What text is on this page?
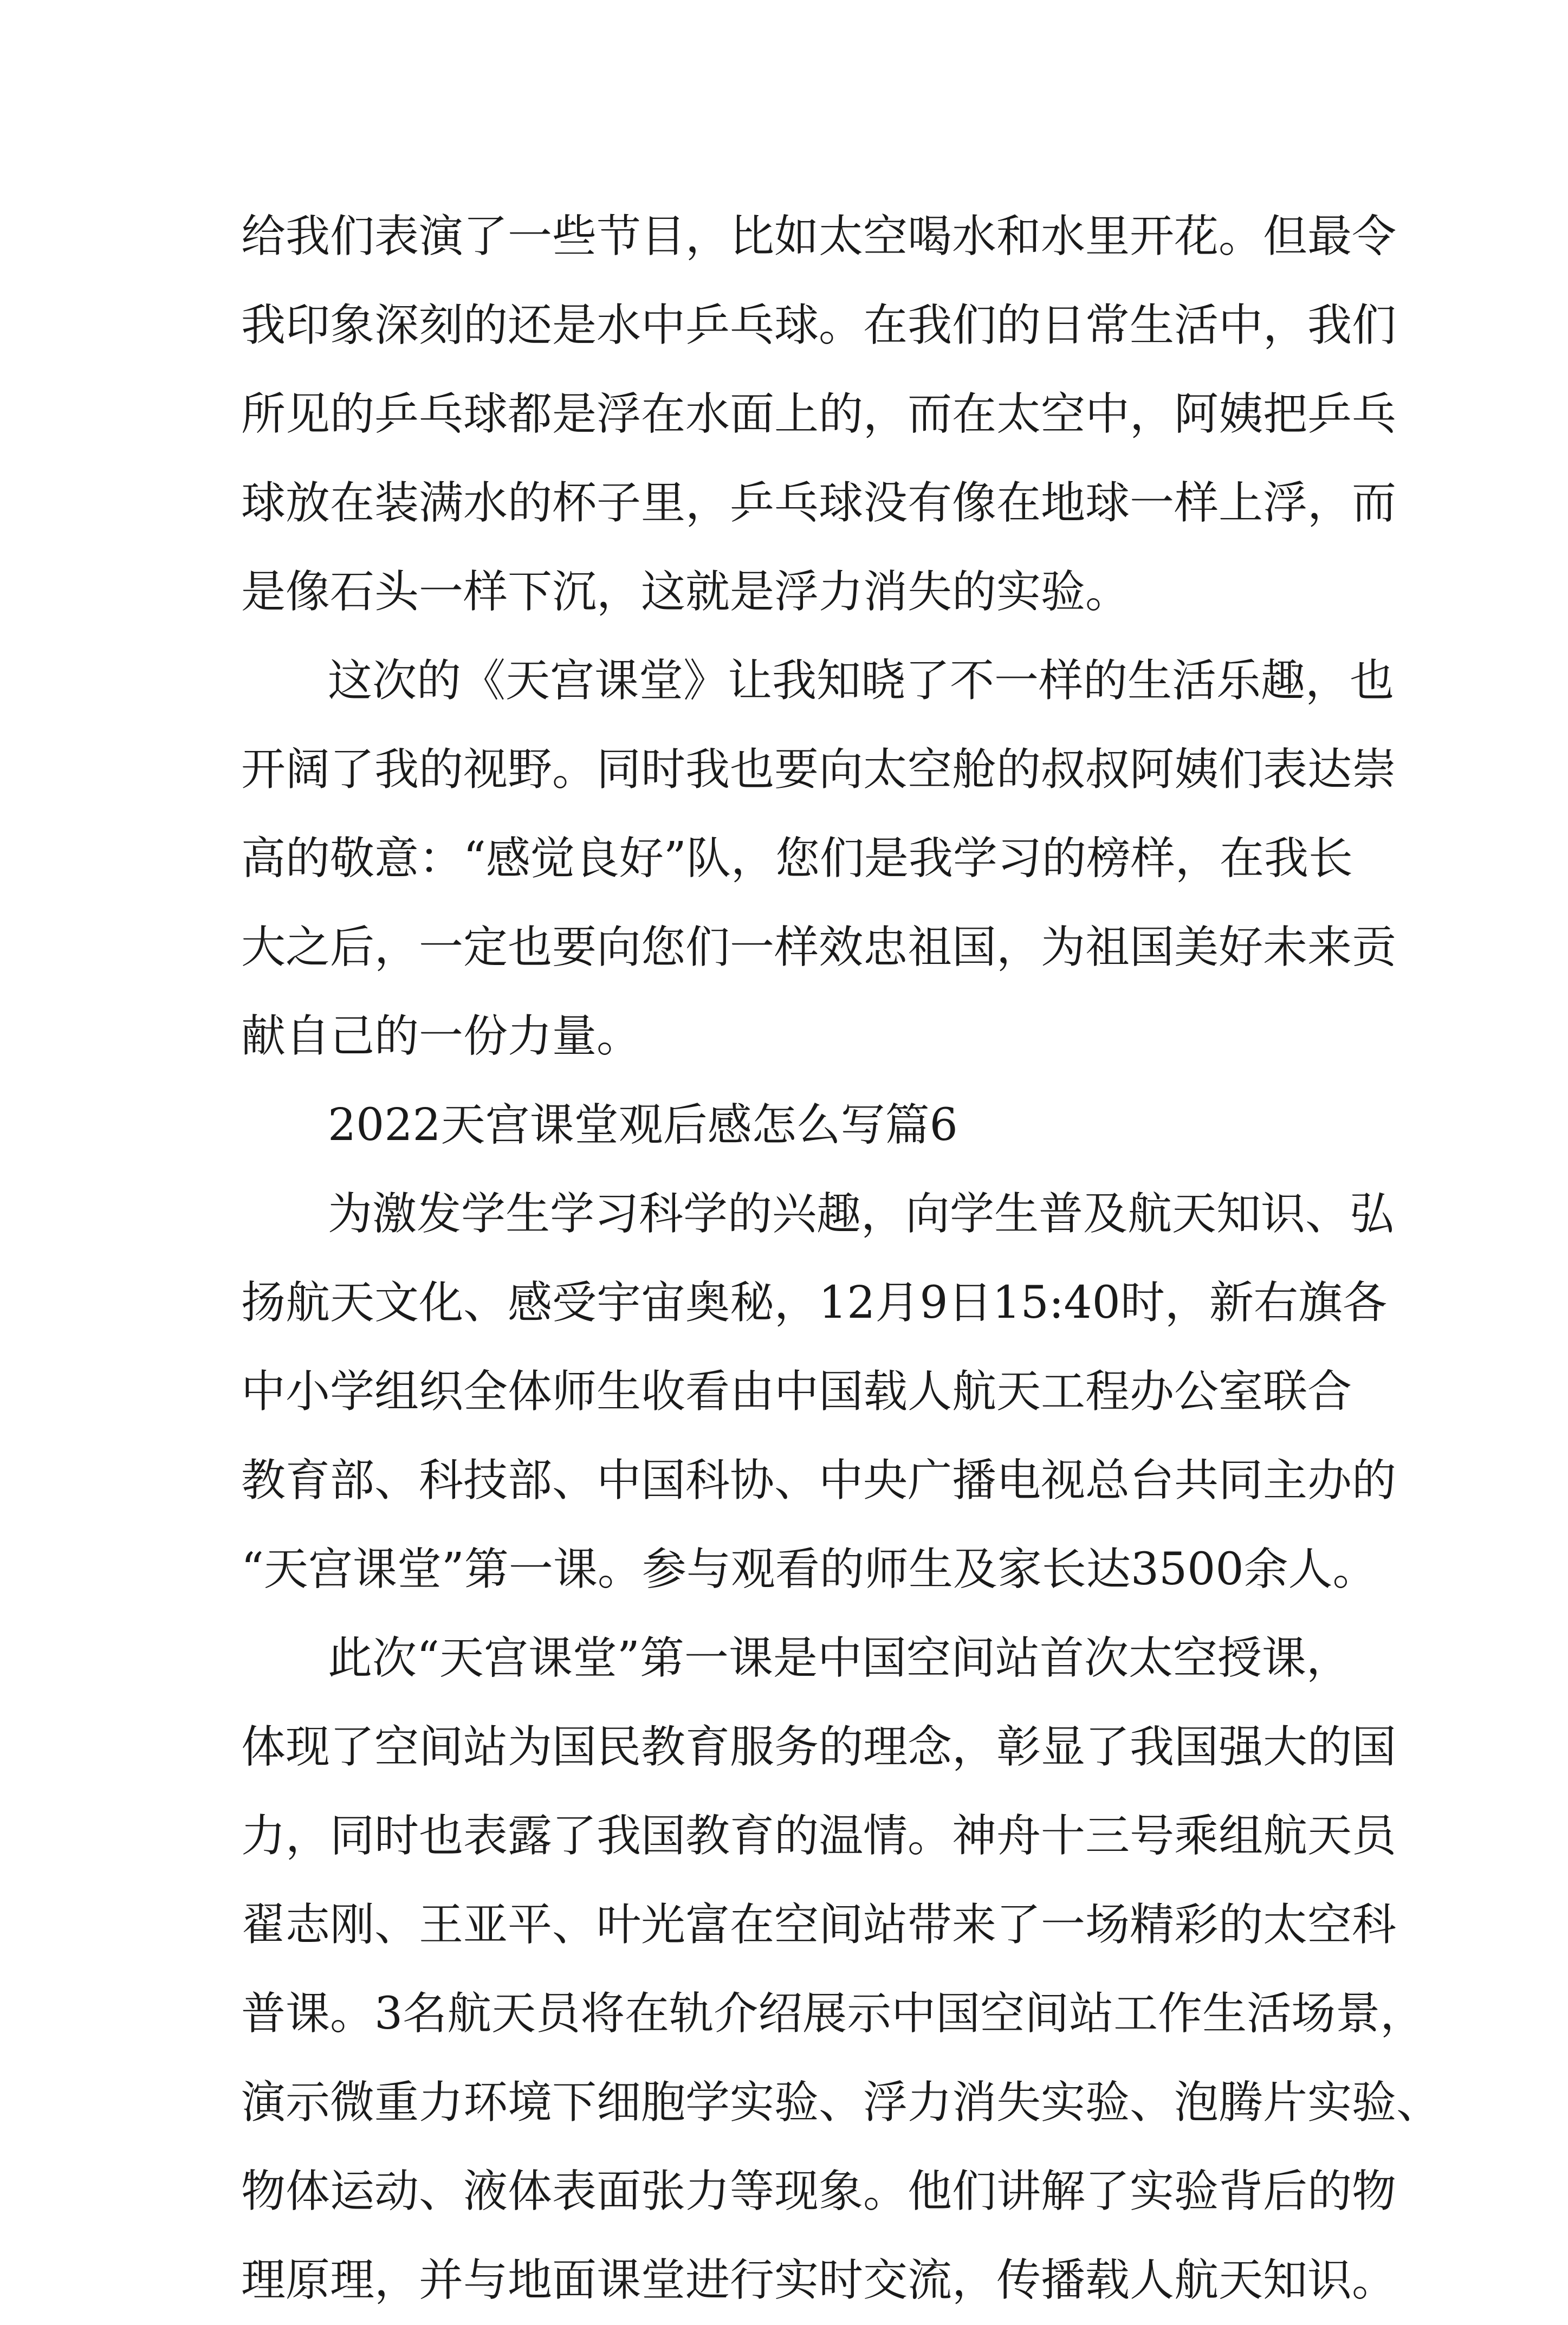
给我们表演了一些节目，比如太空喝水和水里开花。但最令
我印象深刻的还是水中乒乓球。在我们的日常生活中，我们
所见的乒乓球都是浮在水面上的，而在太空中，阿姨把乒乓
球放在装满水的杯子里，乒乓球没有像在地球一样上浮，而
是像石头一样下沉，这就是浮力消失的实验。
这次的《天宫课堂》让我知晓了不一样的生活乐趣，也
开阔了我的视野。同时我也要向太空舱的叔叔阿姨们表达崇
高的敬意：“感觉良好”队，您们是我学习的榜样，在我长
大之后，一定也要向您们一样效忠祖国，为祖国美好未来贡
献自己的一份力量。
2022天宫课堂观后感怎么写篇6
为激发学生学习科学的兴趣，向学生普及航天知识、弘
扬航天文化、感受宇宙奥秘，12月9日15:40时，新右旗各
中小学组织全体师生收看由中国载人航天工程办公室联合
教育部、科技部、中国科协、中央广播电视总台共同主办的
“天宫课堂”第一课。参与观看的师生及家长达3500余人。
此次“天宫课堂”第一课是中国空间站首次太空授课，
体现了空间站为国民教育服务的理念，彰显了我国强大的国
力，同时也表露了我国教育的温情。神舟十三号乘组航天员
翟志刚、王亚平、叶光富在空间站带来了一场精彩的太空科
普课。3名航天员将在轨介绍展示中国空间站工作生活场景，
演示微重力环境下细胞学实验、浮力消失实验、泡腾片实验、
物体运动、液体表面张力等现象。他们讲解了实验背后的物
理原理，并与地面课堂进行实时交流，传播载人航天知识。
